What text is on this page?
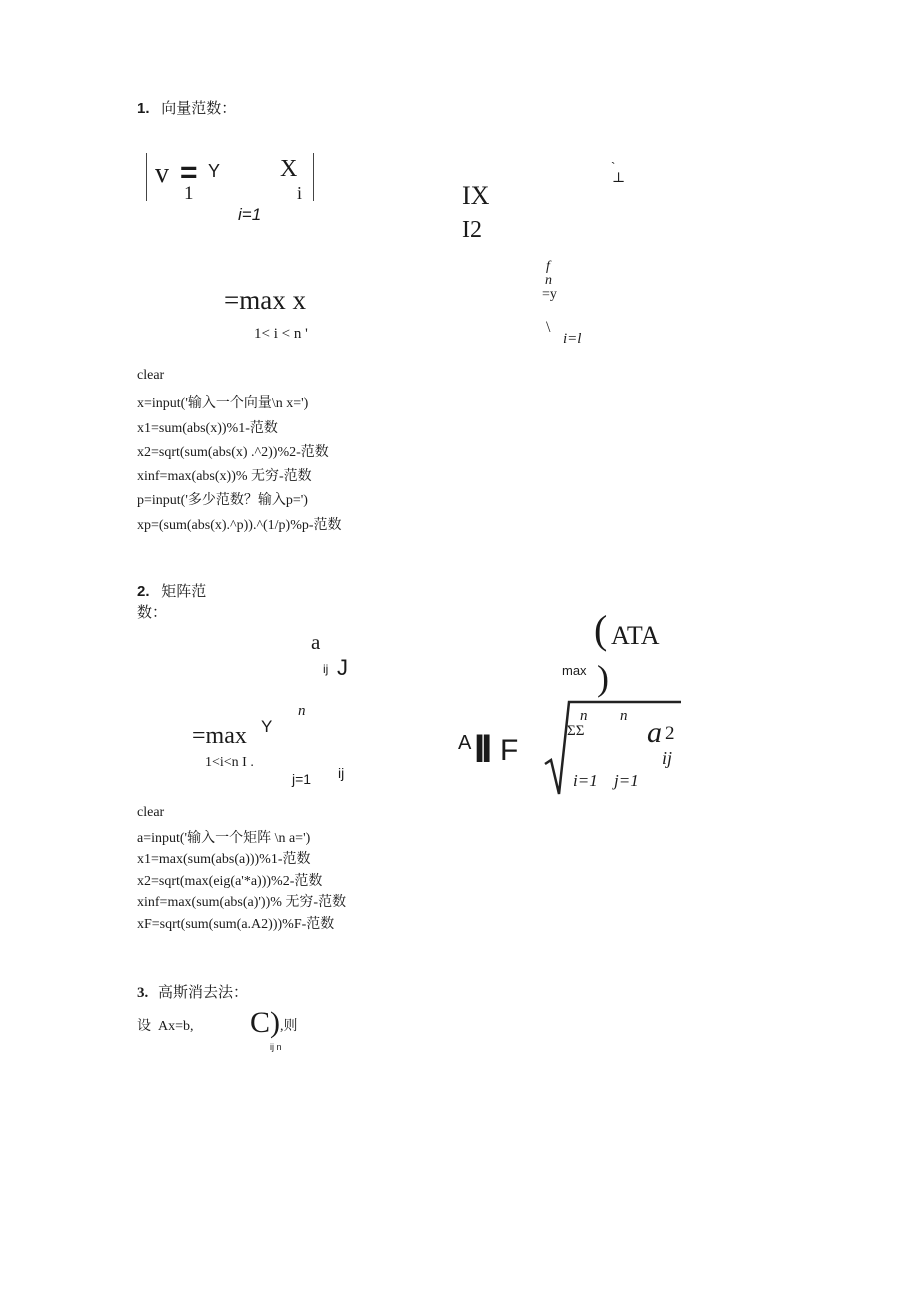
1. 向量范数：
v =
1
Y X
i
i=1
`
⊥
IX
I2
=max x
1< i < n '
f
n
=y
\
i=l
clear
x=input('输入一个向量\n x=')
x1=sum(abs(x))%1-范数
x2=sqrt(sum(abs(x) .^2))%2-范数
xinf=max(abs(x))% 无穷-范数
p=input('多少范数？输入p=')
xp=(sum(abs(x).^p)).^(1/p)%p-范数
2. 矩阵范
数：
a
ij J
n
=max Y
1<i<n I .
j=1 ij
( ATA
max )
A II F
n n
ΣΣ a 2
ij
i=1 j=1
clear
a=input('输入一个矩阵 \n a=')
x1=max(sum(abs(a)))%1-范数
x2=sqrt(max(eig(a'*a)))%2-范数
xinf=max(sum(abs(a)'))% 无穷-范数
xF=sqrt(sum(sum(a.A2)))%F-范数
3. 高斯消去法：
设  Ax=b, C) ,则
ij n
